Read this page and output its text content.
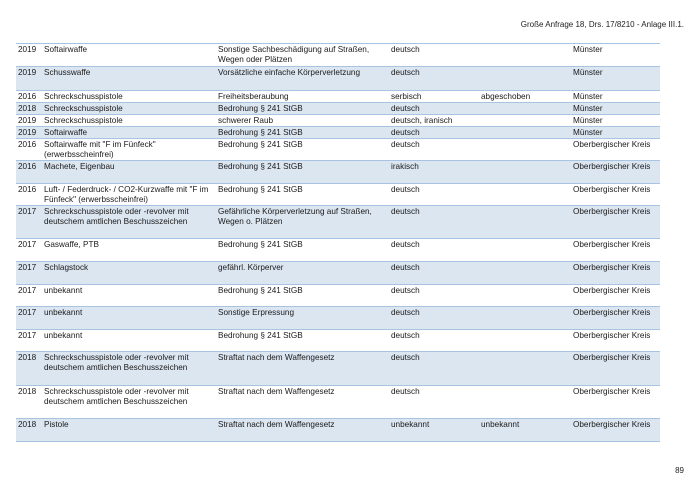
Große Anfrage 18, Drs. 17/8210 - Anlage III.1.
2019	Softairwaffe	Sonstige Sachbeschädigung auf Straßen, Wegen oder Plätzen	deutsch		Münster
2019	Schusswaffe	Vorsätzliche einfache Körperverletzung	deutsch		Münster
2016	Schreckschusspistole	Freiheitsberaubung	serbisch	abgeschoben	Münster
2018	Schreckschusspistole	Bedrohung § 241 StGB	deutsch		Münster
2019	Schreckschusspistole	schwerer Raub	deutsch, iranisch		Münster
2019	Softairwaffe	Bedrohung § 241 StGB	deutsch		Münster
2016	Softairwaffe mit "F im Fünfeck" (erwerbsscheinfrei)	Bedrohung § 241 StGB	deutsch		Oberbergischer Kreis
2016	Machete, Eigenbau	Bedrohung § 241 StGB	irakisch		Oberbergischer Kreis
2016	Luft- / Federdruck- / CO2-Kurzwaffe mit "F im Fünfeck" (erwerbsscheinfrei)	Bedrohung § 241 StGB	deutsch		Oberbergischer Kreis
2017	Schreckschusspistole oder -revolver mit deutschem amtlichen Beschusszeichen	Gefährliche Körperverletzung auf Straßen, Wegen o. Plätzen	deutsch		Oberbergischer Kreis
2017	Gaswaffe, PTB	Bedrohung § 241 StGB	deutsch		Oberbergischer Kreis
2017	Schlagstock	gefährl. Körperver	deutsch		Oberbergischer Kreis
2017	unbekannt	Bedrohung § 241 StGB	deutsch		Oberbergischer Kreis
2017	unbekannt	Sonstige Erpressung	deutsch		Oberbergischer Kreis
2017	unbekannt	Bedrohung § 241 StGB	deutsch		Oberbergischer Kreis
2018	Schreckschusspistole oder -revolver mit deutschem amtlichen Beschusszeichen	Straftat nach dem Waffengesetz	deutsch		Oberbergischer Kreis
2018	Schreckschusspistole oder -revolver mit deutschem amtlichen Beschusszeichen	Straftat nach dem Waffengesetz	deutsch		Oberbergischer Kreis
2018	Pistole	Straftat nach dem Waffengesetz	unbekannt	unbekannt	Oberbergischer Kreis
89
